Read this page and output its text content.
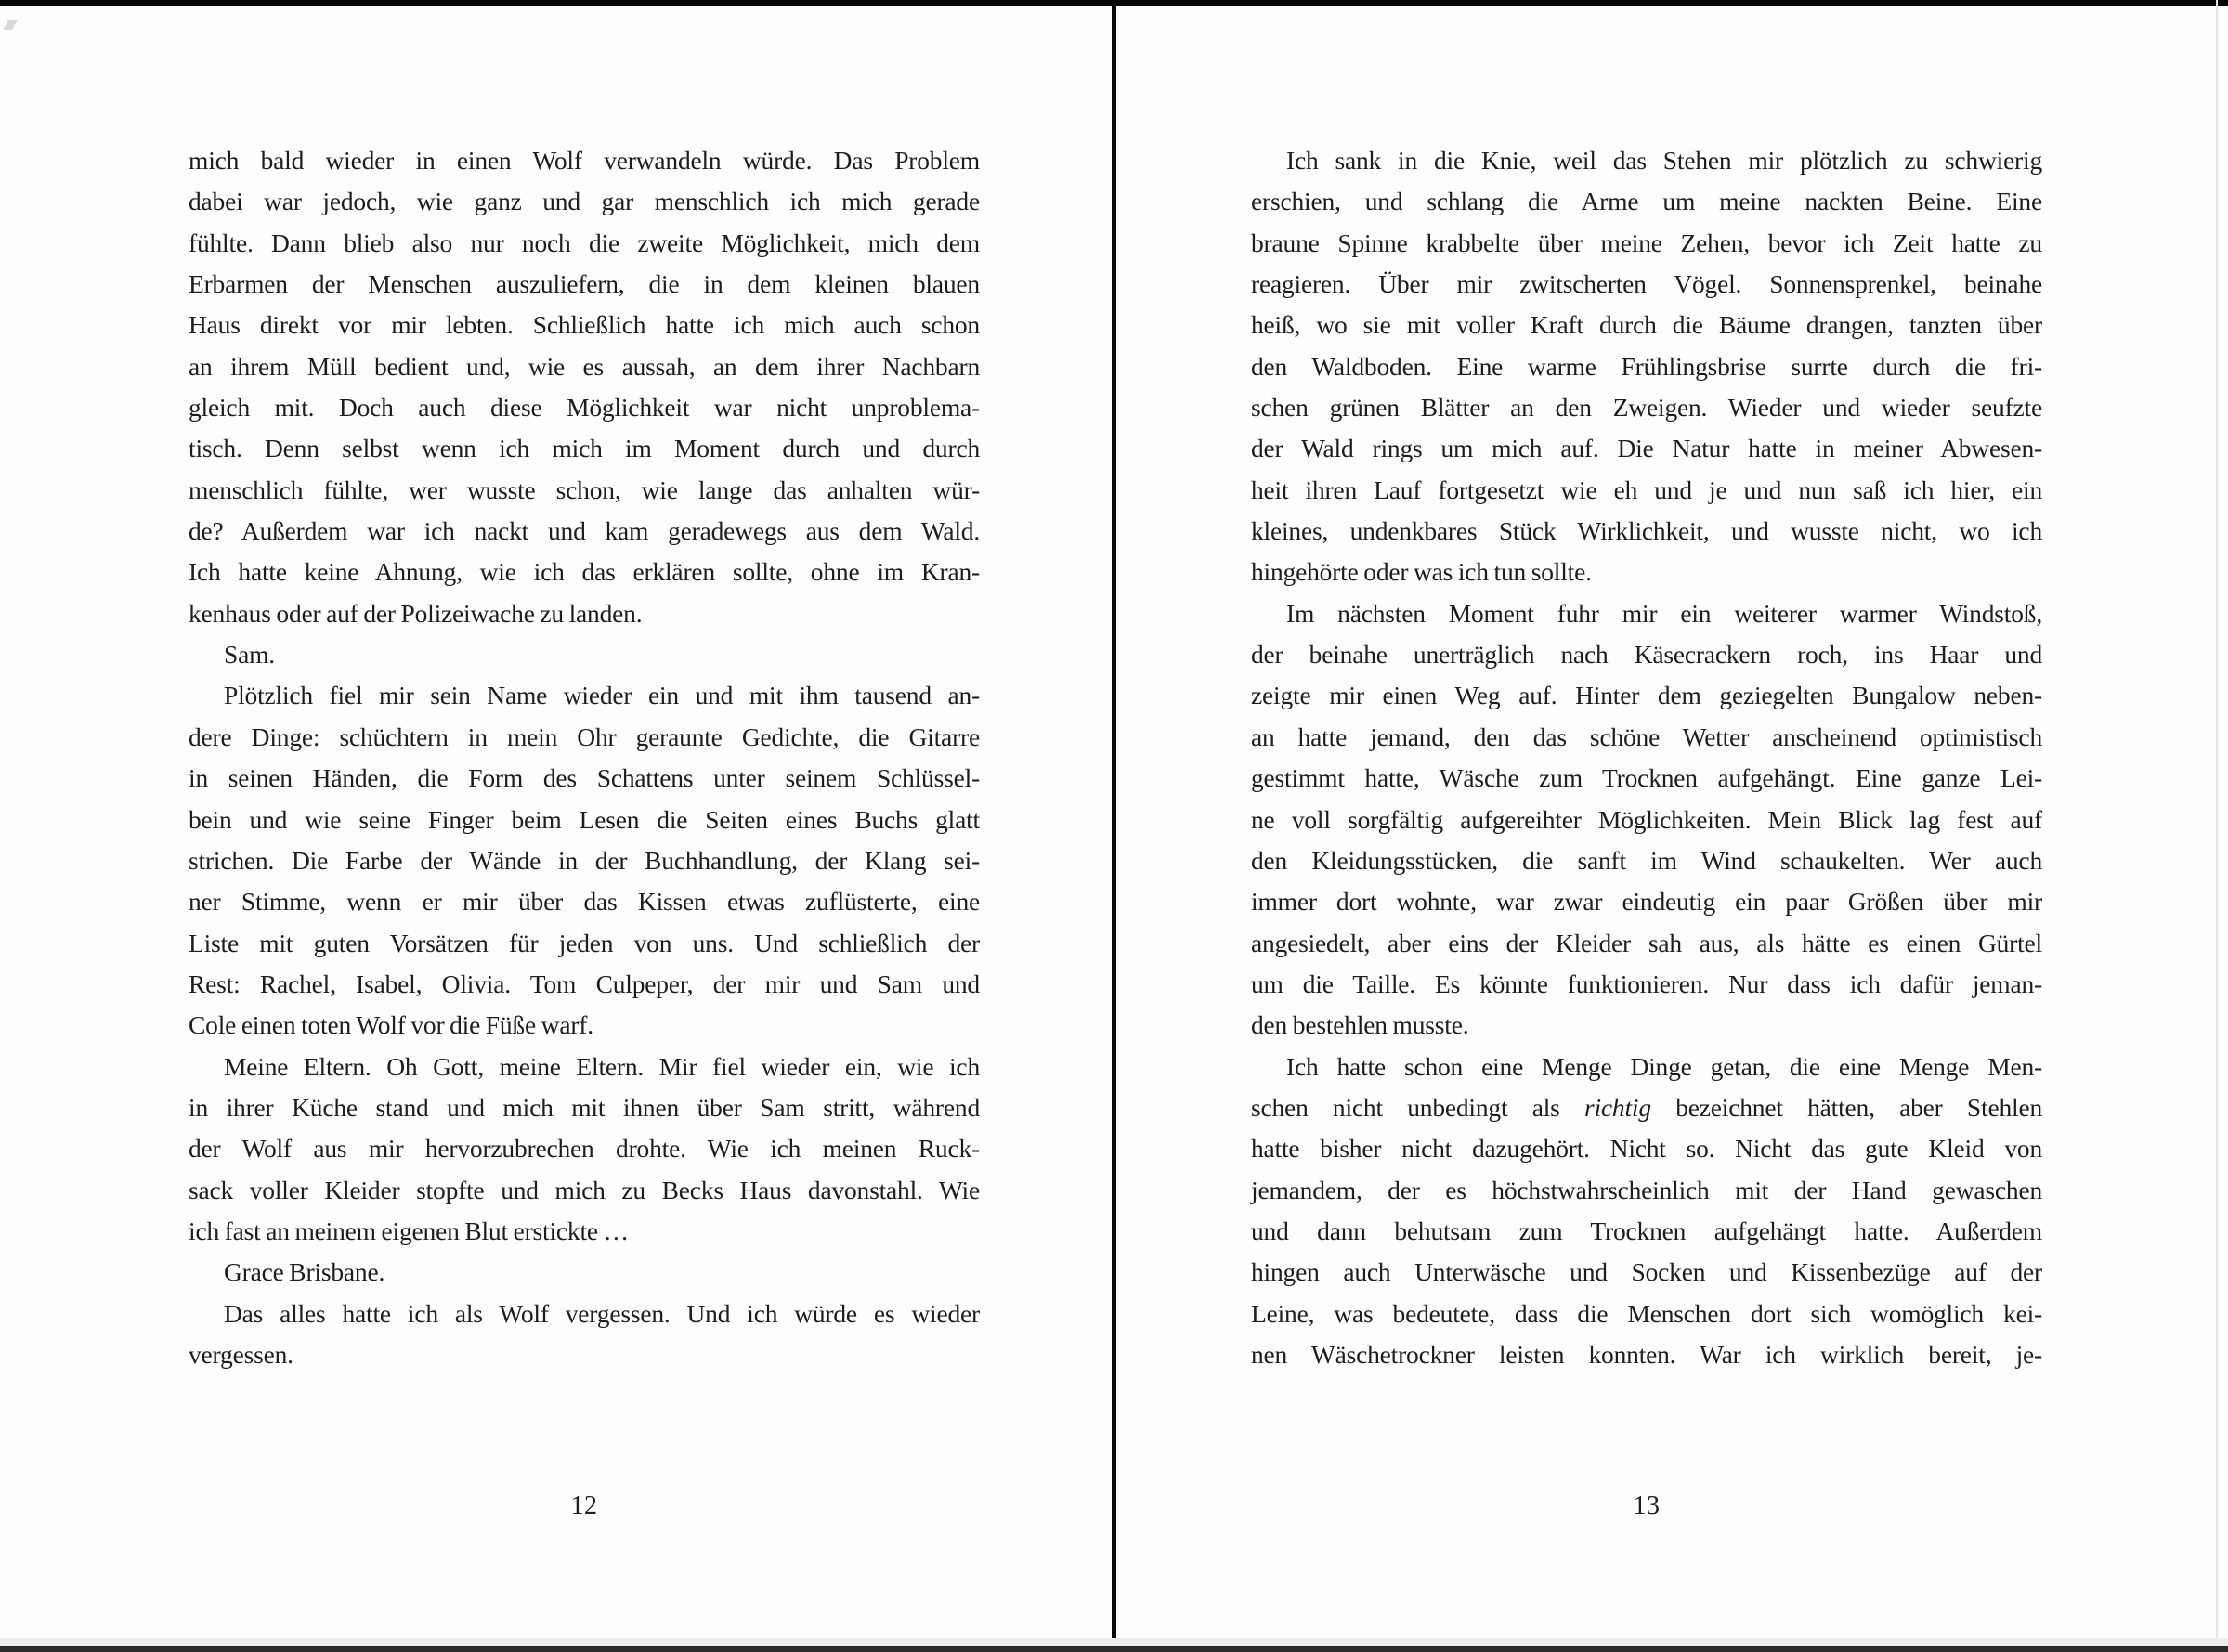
mich bald wieder in einen Wolf verwandeln würde. Das Problem
dabei war jedoch, wie ganz und gar menschlich ich mich gerade
fühlte. Dann blieb also nur noch die zweite Möglichkeit, mich dem
Erbarmen der Menschen auszuliefern, die in dem kleinen blauen
Haus direkt vor mir lebten. Schließlich hatte ich mich auch schon
an ihrem Müll bedient und, wie es aussah, an dem ihrer Nachbarn
gleich mit. Doch auch diese Möglichkeit war nicht unproblema-
tisch. Denn selbst wenn ich mich im Moment durch und durch
menschlich fühlte, wer wusste schon, wie lange das anhalten wür-
de? Außerdem war ich nackt und kam geradewegs aus dem Wald.
Ich hatte keine Ahnung, wie ich das erklären sollte, ohne im Kran-
kenhaus oder auf der Polizeiwache zu landen.
Sam.
Plötzlich fiel mir sein Name wieder ein und mit ihm tausend an-
dere Dinge: schüchtern in mein Ohr geraunte Gedichte, die Gitarre
in seinen Händen, die Form des Schattens unter seinem Schlüssel-
bein und wie seine Finger beim Lesen die Seiten eines Buchs glatt
strichen. Die Farbe der Wände in der Buchhandlung, der Klang sei-
ner Stimme, wenn er mir über das Kissen etwas zuflüsterte, eine
Liste mit guten Vorsätzen für jeden von uns. Und schließlich der
Rest: Rachel, Isabel, Olivia. Tom Culpeper, der mir und Sam und
Cole einen toten Wolf vor die Füße warf.
Meine Eltern. Oh Gott, meine Eltern. Mir fiel wieder ein, wie ich
in ihrer Küche stand und mich mit ihnen über Sam stritt, während
der Wolf aus mir hervorzubrechen drohte. Wie ich meinen Ruck-
sack voller Kleider stopfte und mich zu Becks Haus davonstahl. Wie
ich fast an meinem eigenen Blut erstickte …
Grace Brisbane.
Das alles hatte ich als Wolf vergessen. Und ich würde es wieder
vergessen.
12
Ich sank in die Knie, weil das Stehen mir plötzlich zu schwierig
erschien, und schlang die Arme um meine nackten Beine. Eine
braune Spinne krabbelte über meine Zehen, bevor ich Zeit hatte zu
reagieren. Über mir zwitscherten Vögel. Sonnensprenkel, beinahe
heiß, wo sie mit voller Kraft durch die Bäume drangen, tanzten über
den Waldboden. Eine warme Frühlingsbrise surrte durch die fri-
schen grünen Blätter an den Zweigen. Wieder und wieder seufzte
der Wald rings um mich auf. Die Natur hatte in meiner Abwesen-
heit ihren Lauf fortgesetzt wie eh und je und nun saß ich hier, ein
kleines, undenkbares Stück Wirklichkeit, und wusste nicht, wo ich
hingehörte oder was ich tun sollte.
Im nächsten Moment fuhr mir ein weiterer warmer Windstoß,
der beinahe unerträglich nach Käsecrackern roch, ins Haar und
zeigte mir einen Weg auf. Hinter dem geziegelten Bungalow neben-
an hatte jemand, den das schöne Wetter anscheinend optimistisch
gestimmt hatte, Wäsche zum Trocknen aufgehängt. Eine ganze Lei-
ne voll sorgfältig aufgereihter Möglichkeiten. Mein Blick lag fest auf
den Kleidungsstücken, die sanft im Wind schaukelten. Wer auch
immer dort wohnte, war zwar eindeutig ein paar Größen über mir
angesiedelt, aber eins der Kleider sah aus, als hätte es einen Gürtel
um die Taille. Es könnte funktionieren. Nur dass ich dafür jeman-
den bestehlen musste.
Ich hatte schon eine Menge Dinge getan, die eine Menge Men-
schen nicht unbedingt als richtig bezeichnet hätten, aber Stehlen
hatte bisher nicht dazugehört. Nicht so. Nicht das gute Kleid von
jemandem, der es höchstwahrscheinlich mit der Hand gewaschen
und dann behutsam zum Trocknen aufgehängt hatte. Außerdem
hingen auch Unterwäsche und Socken und Kissenbezüge auf der
Leine, was bedeutete, dass die Menschen dort sich womöglich kei-
nen Wäschetrockner leisten konnten. War ich wirklich bereit, je-
13
